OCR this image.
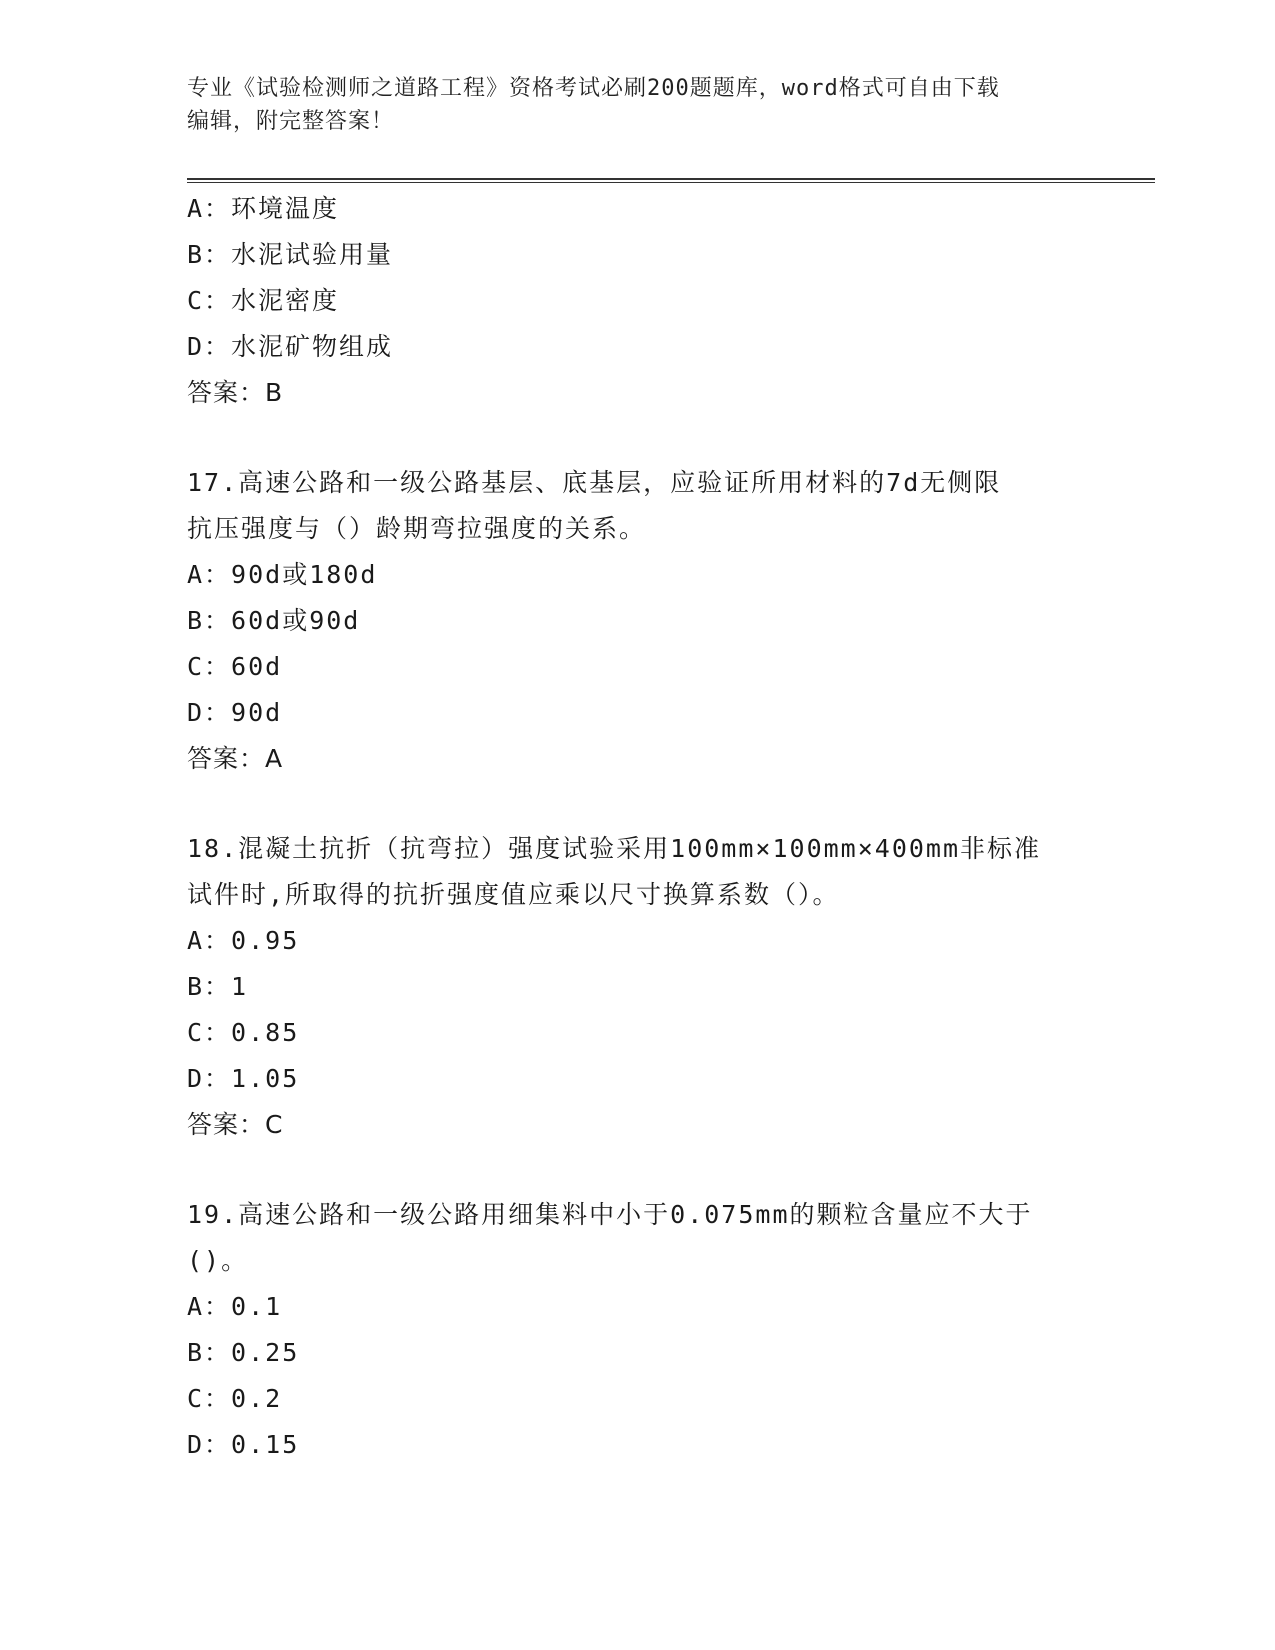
专业《试验检测师之道路工程》资格考试必刷200题题库，word格式可自由下载
编辑，附完整答案！
A：环境温度
B：水泥试验用量
C：水泥密度
D：水泥矿物组成
答案：B
17.高速公路和一级公路基层、底基层，应验证所用材料的7d无侧限
抗压强度与（）龄期弯拉强度的关系。
A：90d或180d
B：60d或90d
C：60d
D：90d
答案：A
18.混凝土抗折（抗弯拉）强度试验采用100mm×100mm×400mm非标准
试件时,所取得的抗折强度值应乘以尺寸换算系数（）。
A：0.95
B：1
C：0.85
D：1.05
答案：C
19.高速公路和一级公路用细集料中小于0.075mm的颗粒含量应不大于
()。
A：0.1
B：0.25
C：0.2
D：0.15
